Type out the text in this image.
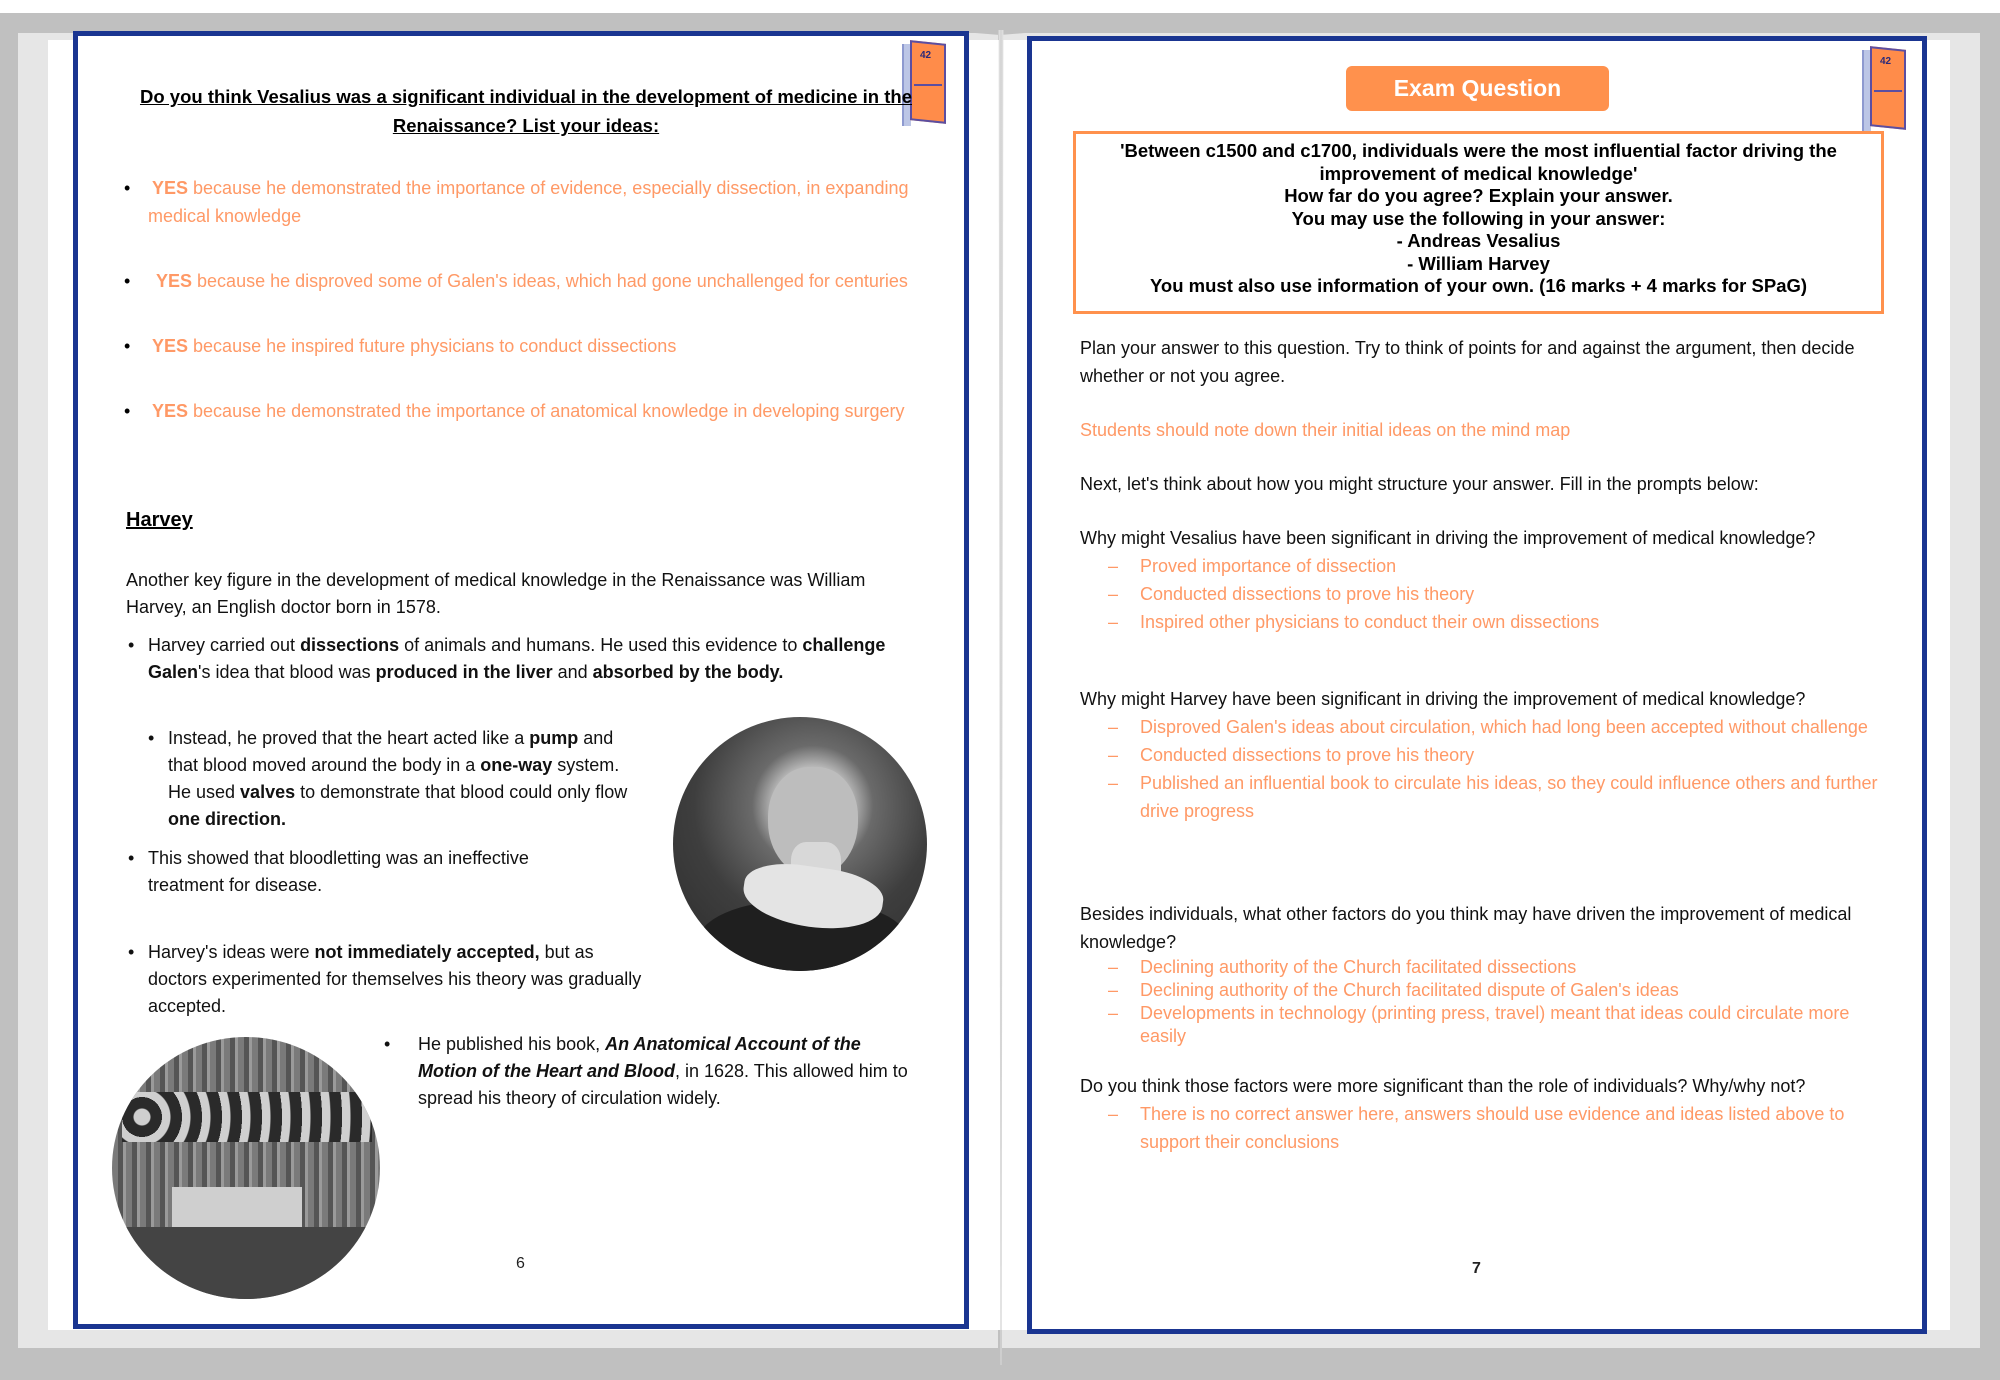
42
Do you think Vesalius was a significant individual in the development of medicine in the Renaissance? List your ideas:
• YES because he demonstrated the importance of evidence, especially dissection, in expanding medical knowledge
• YES because he disproved some of Galen's ideas, which had gone unchallenged for centuries
• YES because he inspired future physicians to conduct dissections
• YES because he demonstrated the importance of anatomical knowledge in developing surgery
Harvey

Another key figure in the development of medical knowledge in the Renaissance was William Harvey, an English doctor born in 1578.

• Harvey carried out dissections of animals and humans. He used this evidence to challenge Galen's idea that blood was produced in the liver and absorbed by the body.
• Instead, he proved that the heart acted like a pump and that blood moved around the body in a one-way system. He used valves to demonstrate that blood could only flow one direction.
• This showed that bloodletting was an ineffective treatment for disease.
• Harvey's ideas were not immediately accepted, but as doctors experimented for themselves his theory was gradually accepted.
• He published his book, An Anatomical Account of the Motion of the Heart and Blood, in 1628. This allowed him to spread his theory of circulation widely.
6
42
Exam Question
'Between c1500 and c1700, individuals were the most influential factor driving the improvement of medical knowledge'
How far do you agree? Explain your answer.
You may use the following in your answer:
- Andreas Vesalius
- William Harvey
You must also use information of your own. (16 marks + 4 marks for SPaG)

Plan your answer to this question. Try to think of points for and against the argument, then decide whether or not you agree.

Students should note down their initial ideas on the mind map

Next, let's think about how you might structure your answer. Fill in the prompts below:

Why might Vesalius have been significant in driving the improvement of medical knowledge?

– Proved importance of dissection
– Conducted dissections to prove his theory
– Inspired other physicians to conduct their own dissections

Why might Harvey have been significant in driving the improvement of medical knowledge?

– Disproved Galen's ideas about circulation, which had long been accepted without challenge
– Conducted dissections to prove his theory
– Published an influential book to circulate his ideas, so they could influence others and further drive progress

Besides individuals, what other factors do you think may have driven the improvement of medical knowledge?

– Declining authority of the Church facilitated dissections
– Declining authority of the Church facilitated dispute of Galen's ideas
– Developments in technology (printing press, travel) meant that ideas could circulate more easily

Do you think those factors were more significant than the role of individuals? Why/why not?

– There is no correct answer here, answers should use evidence and ideas listed above to support their conclusions
7
